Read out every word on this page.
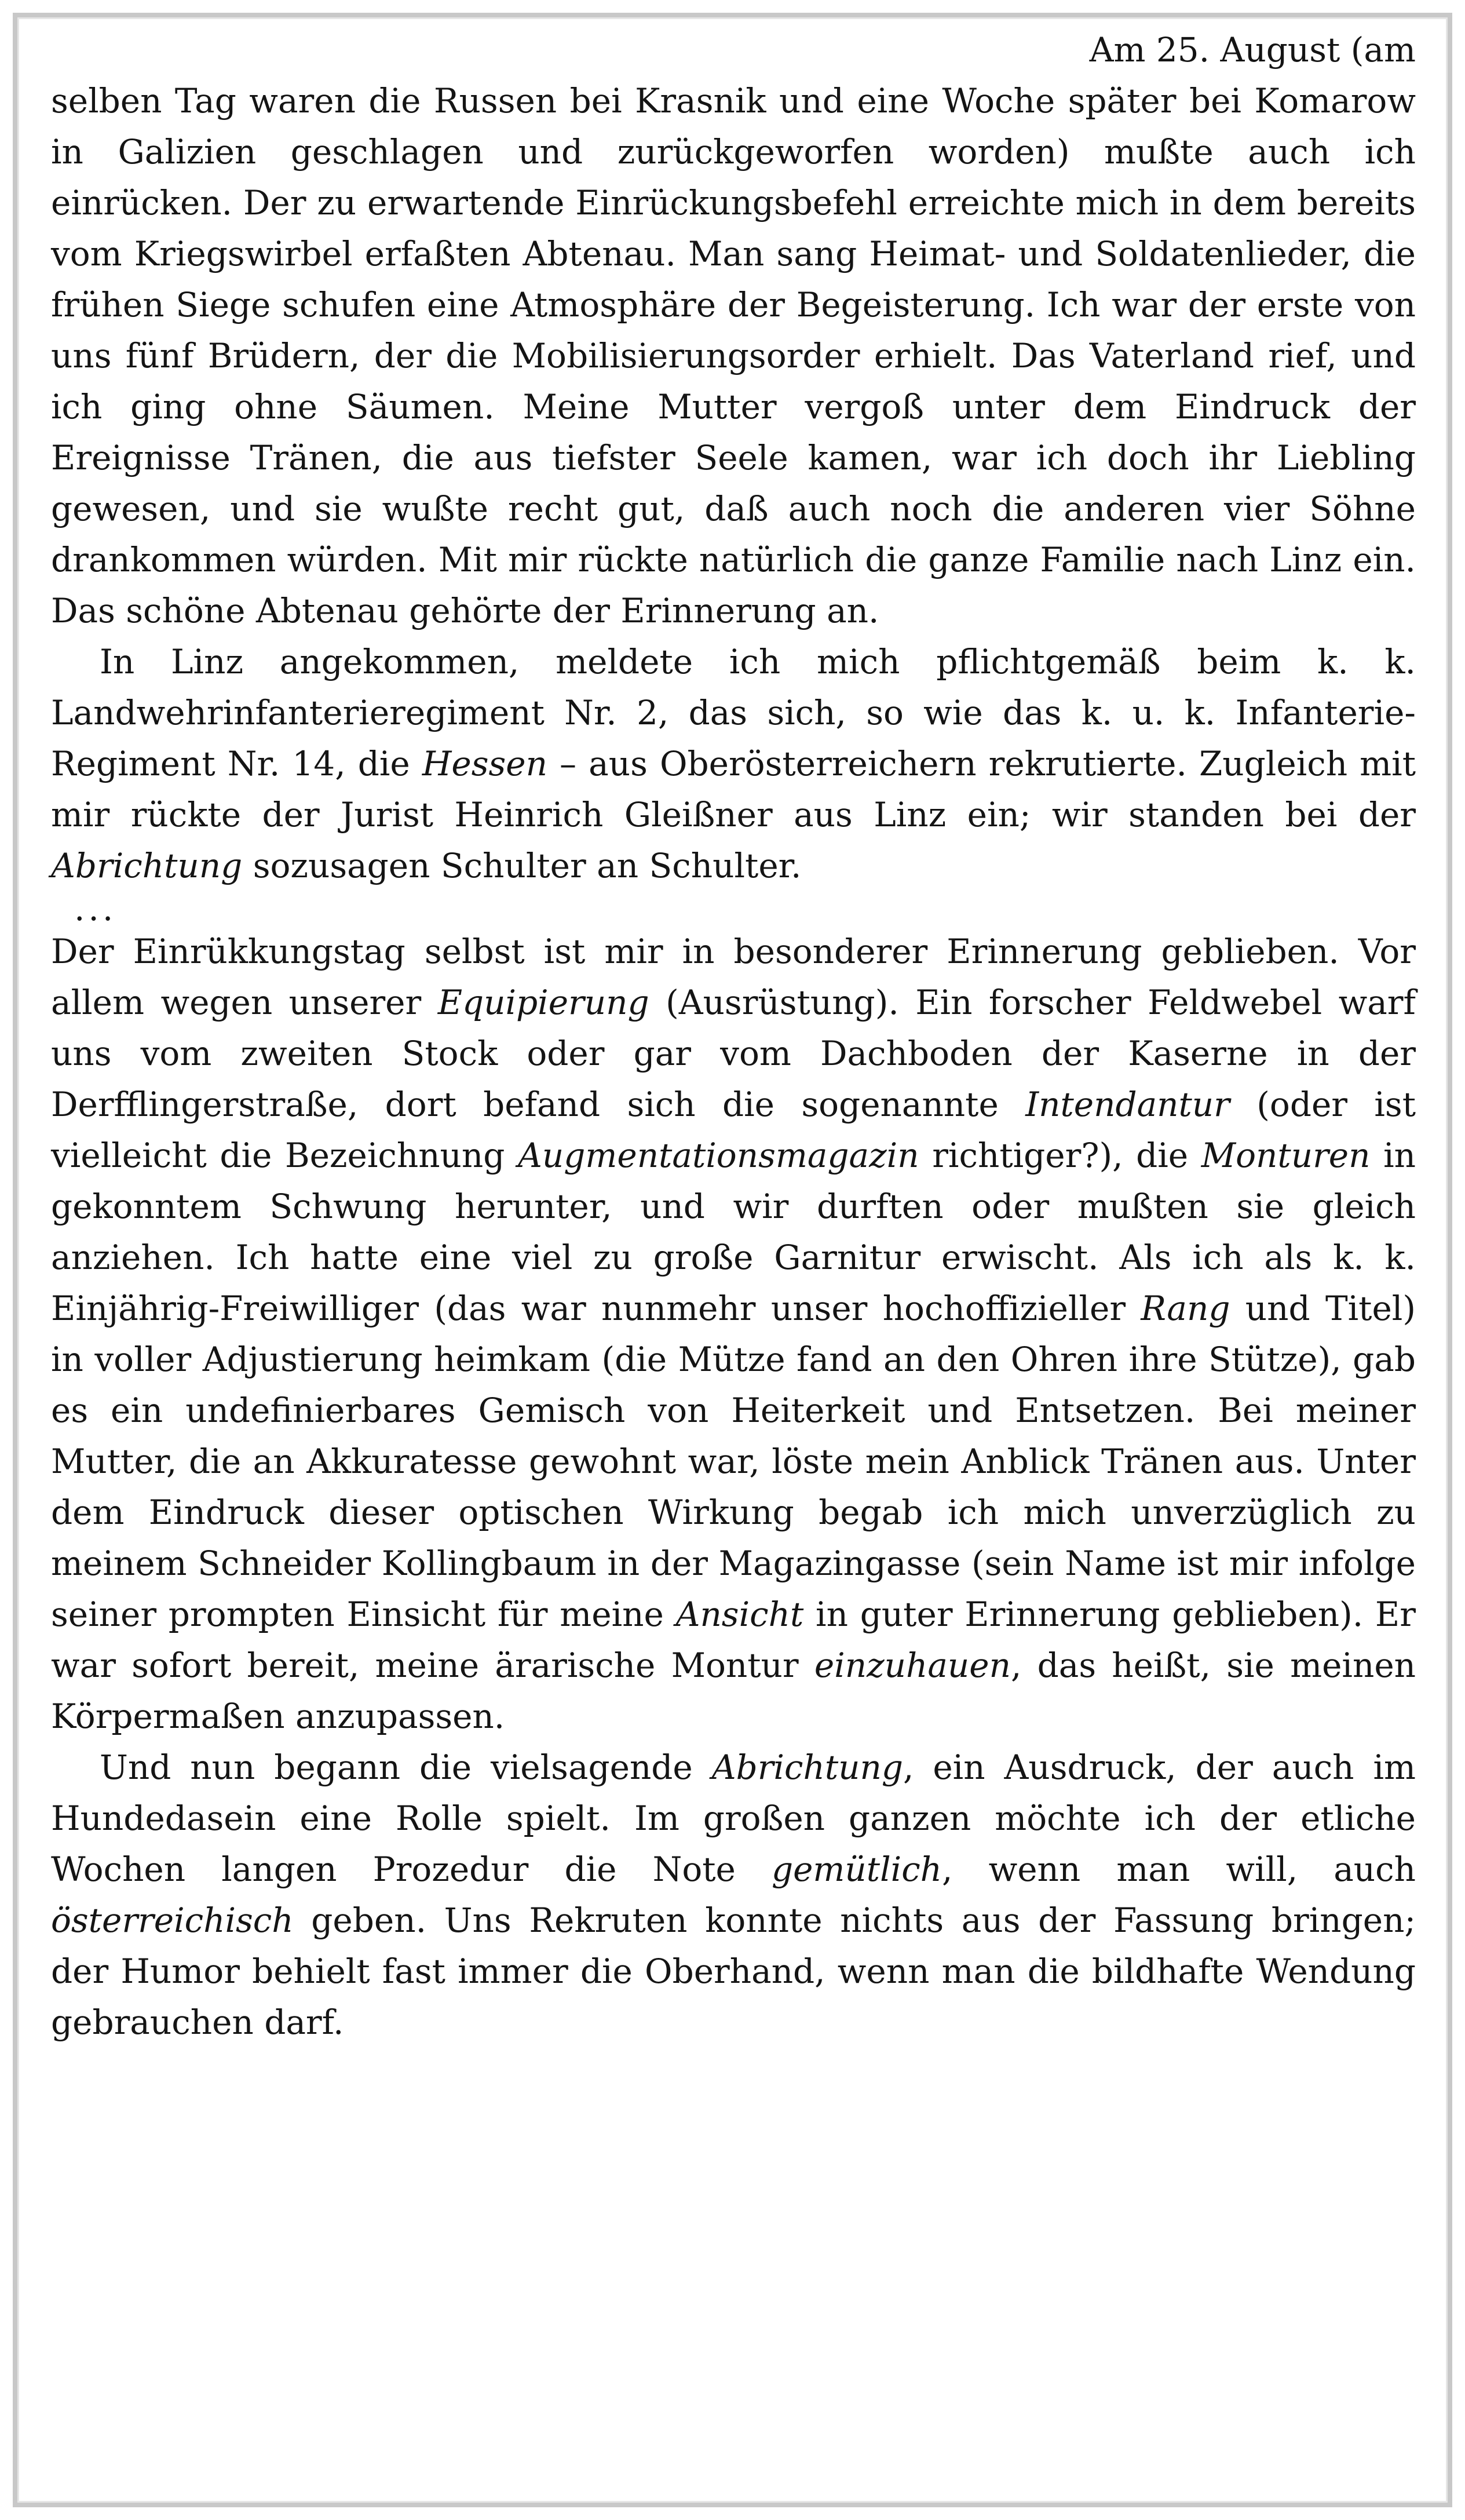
Am 25. August (am
selben Tag waren die Russen bei Krasnik und eine Woche später bei Komarow in Galizien geschlagen und zurückgeworfen worden) mußte auch ich einrücken. Der zu erwartende Einrückungsbefehl erreichte mich in dem bereits vom Kriegswirbel erfaßten Abtenau. Man sang Heimat- und Soldatenlieder, die frühen Siege schufen eine Atmosphäre der Begeisterung. Ich war der erste von uns fünf Brüdern, der die Mobilisierungsorder erhielt. Das Vaterland rief, und ich ging ohne Säumen. Meine Mutter vergoß unter dem Eindruck der Ereignisse Tränen, die aus tiefster Seele kamen, war ich doch ihr Liebling gewesen, und sie wußte recht gut, daß auch noch die anderen vier Söhne drankommen würden. Mit mir rückte natürlich die ganze Familie nach Linz ein. Das schöne Abtenau gehörte der Erinnerung an.

In Linz angekommen, meldete ich mich pflichtgemäß beim k. k. Landwehrinfanterieregiment Nr. 2, das sich, so wie das k. u. k. Infanterie-Regiment Nr. 14, die Hessen – aus Oberösterreichern rekrutierte. Zugleich mit mir rückte der Jurist Heinrich Gleißner aus Linz ein; wir standen bei der Abrichtung sozusagen Schulter an Schulter.

...

Der Einrükkungstag selbst ist mir in besonderer Erinnerung geblieben. Vor allem wegen unserer Equipierung (Ausrüstung). Ein forscher Feldwebel warf uns vom zweiten Stock oder gar vom Dachboden der Kaserne in der Derfflingerstraße, dort befand sich die sogenannte Intendantur (oder ist vielleicht die Bezeichnung Augmentationsmagazin richtiger?), die Monturen in gekonntem Schwung herunter, und wir durften oder mußten sie gleich anziehen. Ich hatte eine viel zu große Garnitur erwischt. Als ich als k. k. Einjährig-Freiwilliger (das war nunmehr unser hochoffizieller Rang und Titel) in voller Adjustierung heimkam (die Mütze fand an den Ohren ihre Stütze), gab es ein undefinierbares Gemisch von Heiterkeit und Entsetzen. Bei meiner Mutter, die an Akkuratesse gewohnt war, löste mein Anblick Tränen aus. Unter dem Eindruck dieser optischen Wirkung begab ich mich unverzüglich zu meinem Schneider Kollingbaum in der Magazingasse (sein Name ist mir infolge seiner prompten Einsicht für meine Ansicht in guter Erinnerung geblieben). Er war sofort bereit, meine ärarische Montur einzuhauen, das heißt, sie meinen Körpermaßen anzupassen.

Und nun begann die vielsagende Abrichtung, ein Ausdruck, der auch im Hundedasein eine Rolle spielt. Im großen ganzen möchte ich der etliche Wochen langen Prozedur die Note gemütlich, wenn man will, auch österreichisch geben. Uns Rekruten konnte nichts aus der Fassung bringen; der Humor behielt fast immer die Oberhand, wenn man die bildhafte Wendung gebrauchen darf.
